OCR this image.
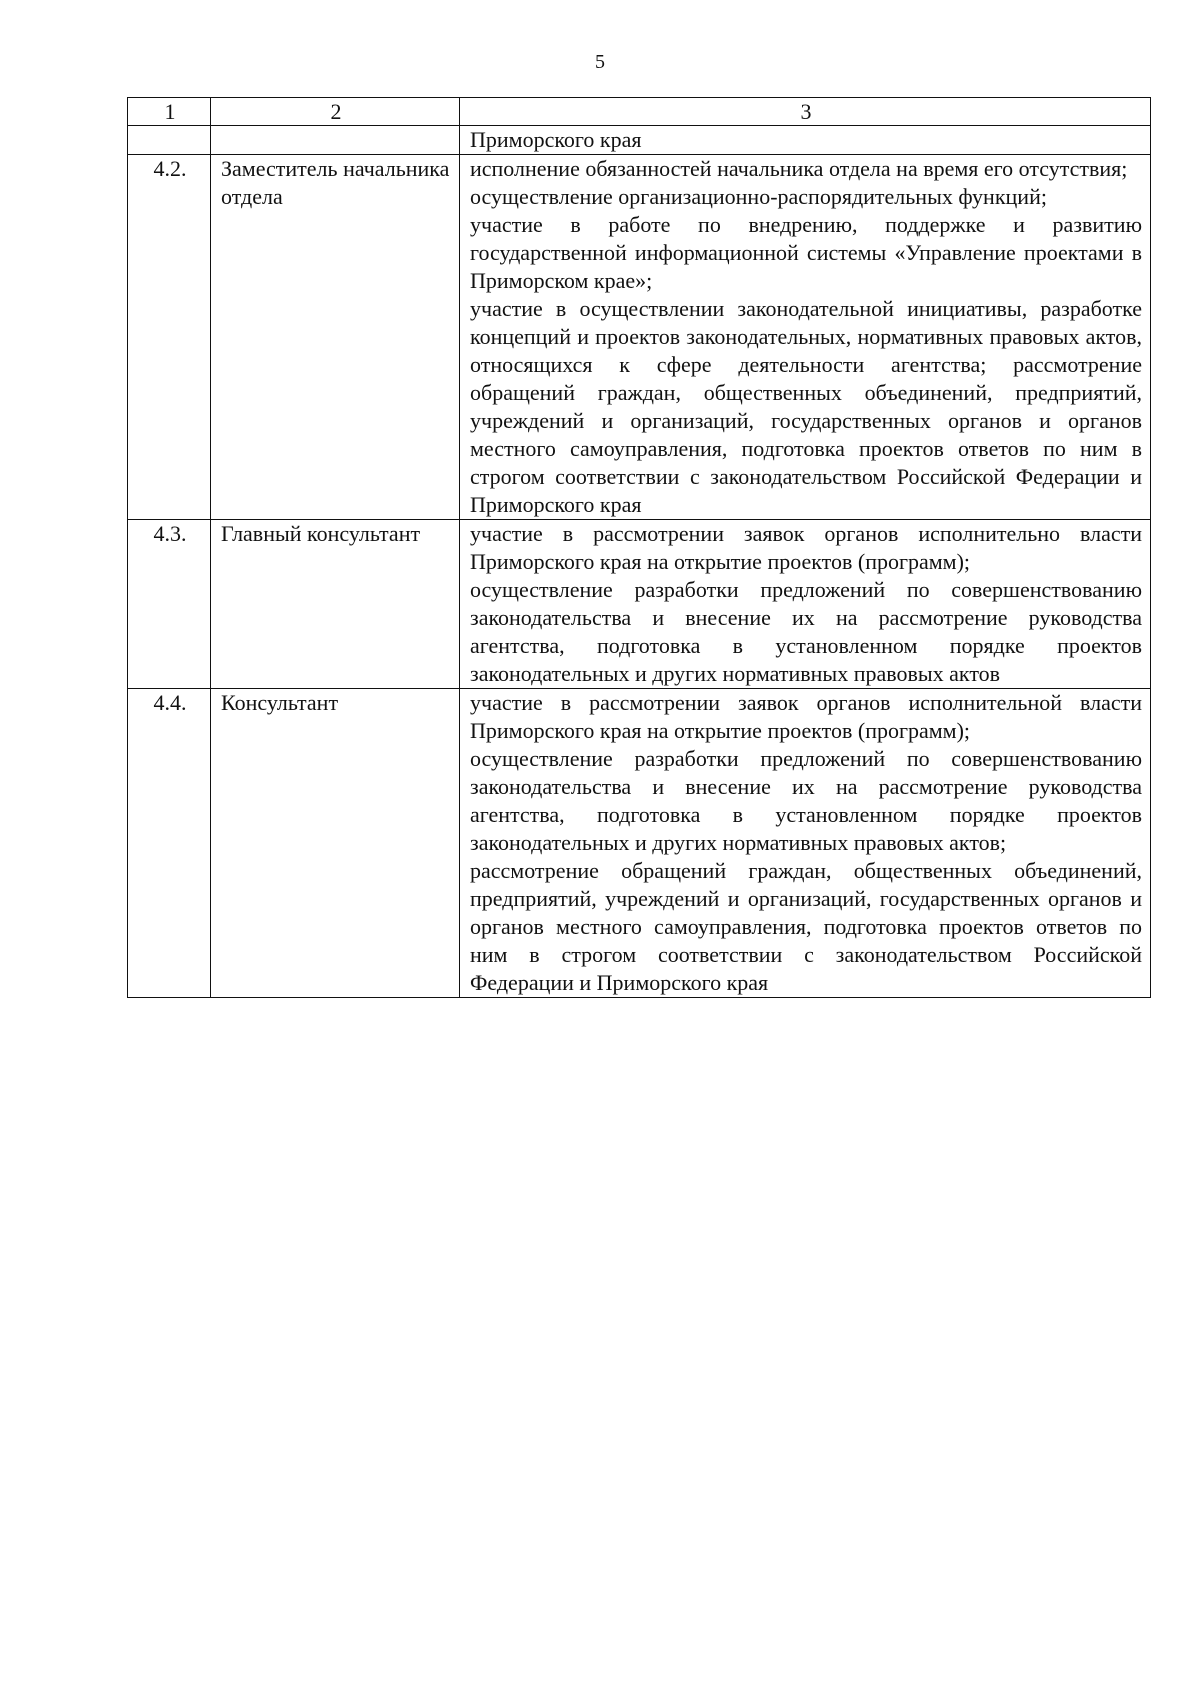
5
1	2	3
		Приморского края
4.2.	Заместитель начальника отдела	исполнение обязанностей начальника отдела на время его отсутствия;
осуществление организационно-распорядительных функций;
участие в работе по внедрению, поддержке и развитию государственной информационной системы «Управление проектами в Приморском крае»;
участие в осуществлении законодательной инициативы, разработке концепций и проектов законодательных, нормативных правовых актов, относящихся к сфере деятельности агентства; рассмотрение обращений граждан, общественных объединений, предприятий, учреждений и организаций, государственных органов и органов местного самоуправления, подготовка проектов ответов по ним в строгом соответствии с законодательством Российской Федерации и Приморского края

4.3.	Главный консультант	участие в рассмотрении заявок органов исполнительно власти Приморского края на открытие проектов (программ);
осуществление разработки предложений по совершенствованию законодательства и внесение их на рассмотрение руководства агентства, подготовка в установленном порядке проектов законодательных и других нормативных правовых актов

4.4.	Консультант	участие в рассмотрении заявок органов исполнительной власти Приморского края на открытие проектов (программ);
осуществление разработки предложений по совершенствованию законодательства и внесение их на рассмотрение руководства агентства, подготовка в установленном порядке проектов законодательных и других нормативных правовых актов;
рассмотрение обращений граждан, общественных объединений, предприятий, учреждений и организаций, государственных органов и органов местного самоуправления, подготовка проектов ответов по ним в строгом соответствии с законодательством Российской Федерации и Приморского края
